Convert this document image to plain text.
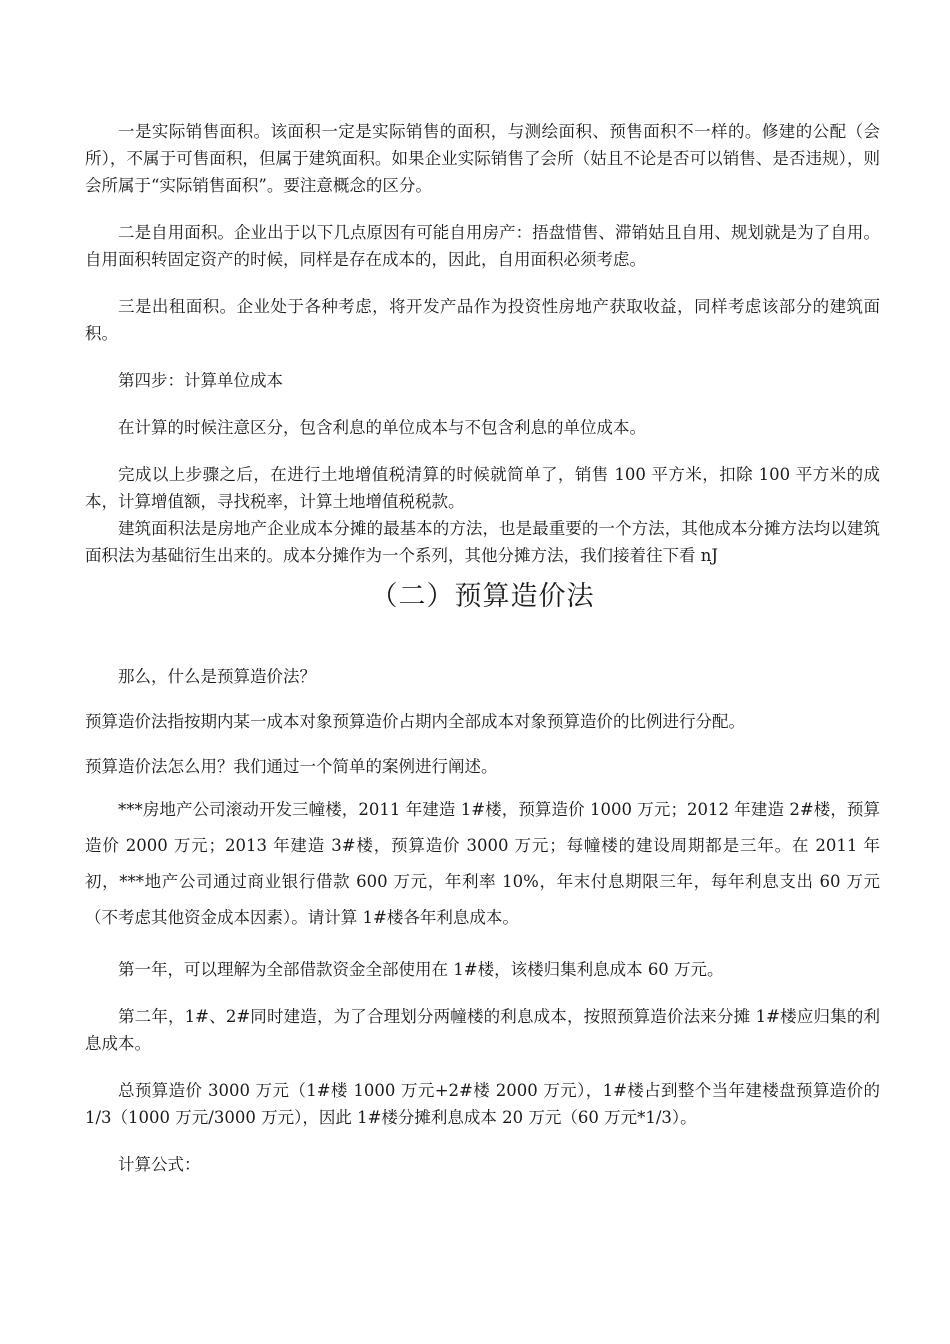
一是实际销售面积。该面积一定是实际销售的面积，与测绘面积、预售面积不一样的。修建的公配（会所），不属于可售面积，但属于建筑面积。如果企业实际销售了会所（姑且不论是否可以销售、是否违规），则会所属于“实际销售面积”。要注意概念的区分。

二是自用面积。企业出于以下几点原因有可能自用房产：捂盘惜售、滞销姑且自用、规划就是为了自用。自用面积转固定资产的时候，同样是存在成本的，因此，自用面积必须考虑。

三是出租面积。企业处于各种考虑，将开发产品作为投资性房地产获取收益，同样考虑该部分的建筑面积。

第四步：计算单位成本

在计算的时候注意区分，包含利息的单位成本与不包含利息的单位成本。

完成以上步骤之后，在进行土地增值税清算的时候就简单了，销售 100 平方米，扣除 100 平方米的成本，计算增值额，寻找税率，计算土地增值税税款。

建筑面积法是房地产企业成本分摊的最基本的方法，也是最重要的一个方法，其他成本分摊方法均以建筑面积法为基础衍生出来的。成本分摊作为一个系列，其他分摊方法，我们接着往下看 nJ

（二）预算造价法

那么，什么是预算造价法？

预算造价法指按期内某一成本对象预算造价占期内全部成本对象预算造价的比例进行分配。

预算造价法怎么用？我们通过一个简单的案例进行阐述。

***房地产公司滚动开发三幢楼，2011 年建造 1#楼，预算造价 1000 万元；2012 年建造 2#楼，预算造价 2000 万元；2013 年建造 3#楼，预算造价 3000 万元；每幢楼的建设周期都是三年。在 2011 年初，***地产公司通过商业银行借款 600 万元，年利率 10%，年末付息期限三年，每年利息支出 60 万元（不考虑其他资金成本因素）。请计算 1#楼各年利息成本。

第一年，可以理解为全部借款资金全部使用在 1#楼，该楼归集利息成本 60 万元。

第二年，1#、2#同时建造，为了合理划分两幢楼的利息成本，按照预算造价法来分摊 1#楼应归集的利息成本。

总预算造价 3000 万元（1#楼 1000 万元+2#楼 2000 万元），1#楼占到整个当年建楼盘预算造价的 1/3（1000 万元/3000 万元），因此 1#楼分摊利息成本 20 万元（60 万元*1/3）。

计算公式：
